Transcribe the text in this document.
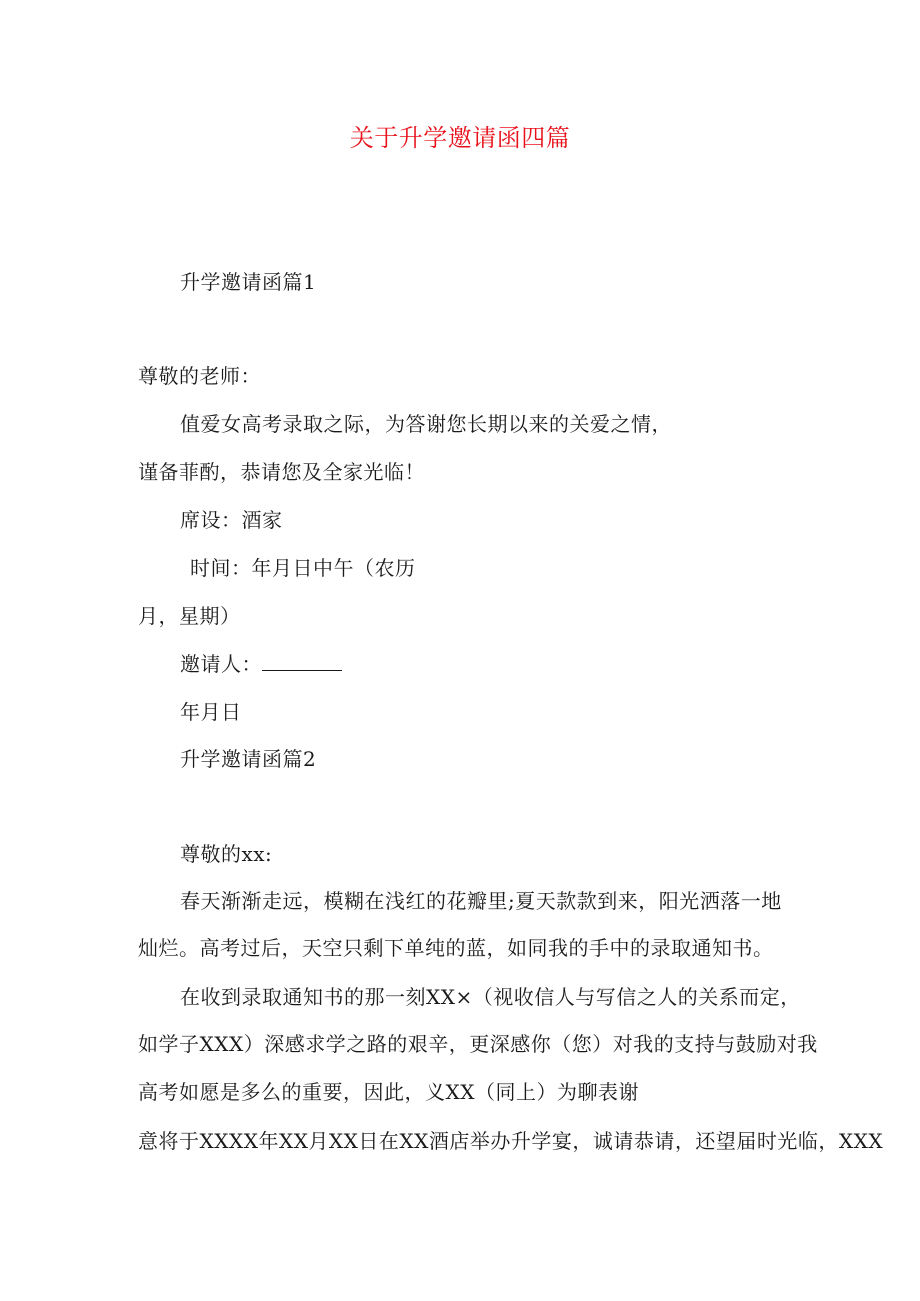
关于升学邀请函四篇
升学邀请函篇1
尊敬的老师：
值爱女高考录取之际，为答谢您长期以来的关爱之情，
谨备菲酌，恭请您及全家光临！
席设：酒家
时间：年月日中午（农历
月，星期）
邀请人：
年月日
升学邀请函篇2
尊敬的xx:
春天渐渐走远，模糊在浅红的花瓣里;夏天款款到来，阳光洒落一地
灿烂。高考过后，天空只剩下单纯的蓝，如同我的手中的录取通知书。
在收到录取通知书的那一刻XX×（视收信人与写信之人的关系而定，
如学子XXX）深感求学之路的艰辛，更深感你（您）对我的支持与鼓励对我
高考如愿是多么的重要，因此，义XX（同上）为聊表谢
意将于XXXX年XX月XX日在XX酒店举办升学宴，诚请恭请，还望届时光临，XXX
